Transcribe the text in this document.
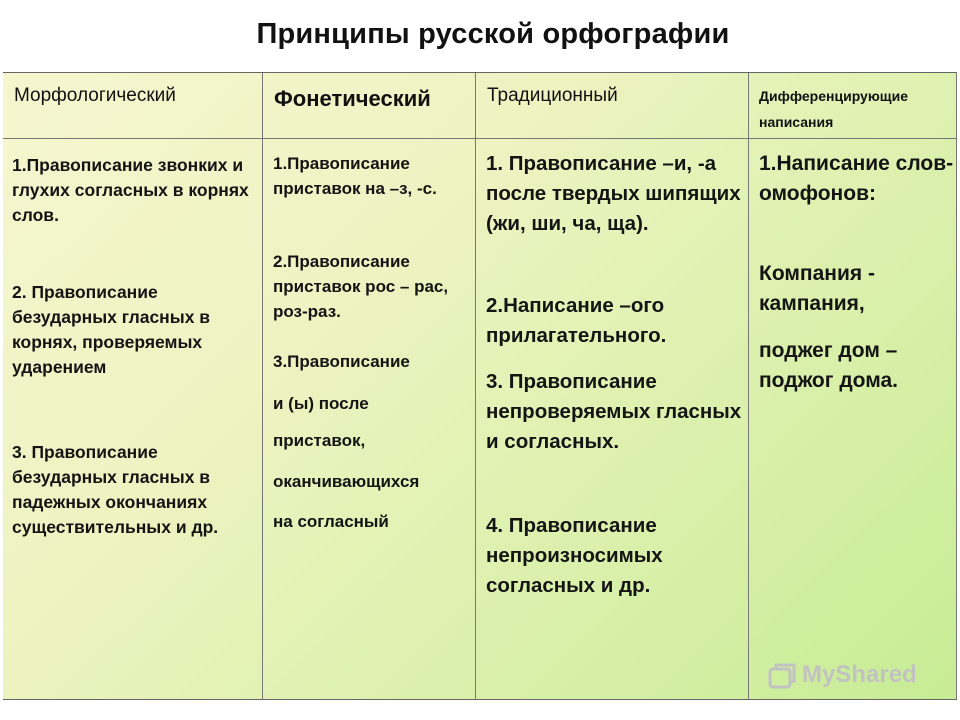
Принципы русской орфографии
Морфологический
1.Правописание звонких и глухих согласных в корнях слов.
2. Правописание безударных гласных в корнях, проверяемых ударением
3. Правописание безударных гласных в падежных окончаниях существительных и др.
Фонетический
1.Правописание приставок на –з, -с.
2.Правописание приставок рос – рас, роз-раз.
3.Правописание
и (ы) после
приставок,
оканчивающихся
на согласный
Традиционный
1. Правописание –и, -а после твердых шипящих (жи, ши, ча, ща).
2.Написание –ого прилагательного.
3. Правописание непроверяемых гласных и согласных.
4. Правописание непроизносимых согласных и др.
Дифференцирующие написания
1.Написание слов-омофонов:
Компания - кампания,
поджег дом – поджог дома.
MyShared
